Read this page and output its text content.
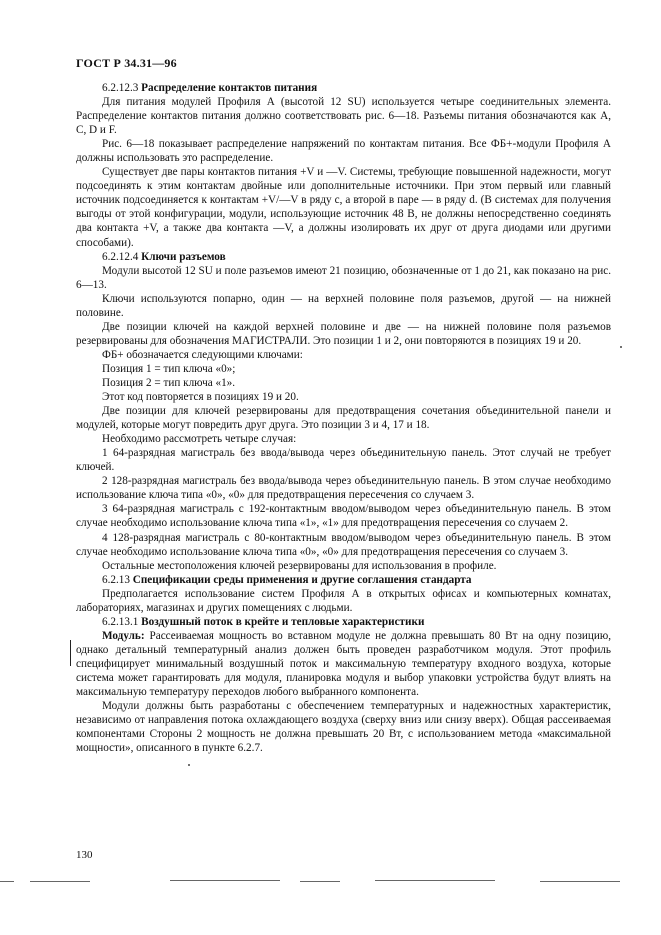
ГОСТ Р 34.31—96

6.2.12.3 Распределение контактов питания

Для питания модулей Профиля А (высотой 12 SU) используется четыре соединительных элемента. Распределение контактов питания должно соответствовать рис. 6—18. Разъемы питания обозначаются как А, С, D и F.

Рис. 6—18 показывает распределение напряжений по контактам питания. Все ФБ+-модули Профиля А должны использовать это распределение.

Существует две пары контактов питания +V и —V. Системы, требующие повышенной надежности, могут подсоединять к этим контактам двойные или дополнительные источники. При этом первый или главный источник подсоединяется к контактам +V/—V в ряду c, а второй в паре — в ряду d. (В системах для получения выгоды от этой конфигурации, модули, использующие источник 48 В, не должны непосредственно соединять два контакта +V, а также два контакта —V, а должны изолировать их друг от друга диодами или другими способами).

6.2.12.4 Ключи разъемов

Модули высотой 12 SU и поле разъемов имеют 21 позицию, обозначенные от 1 до 21, как показано на рис. 6—13.

Ключи используются попарно, один — на верхней половине поля разъемов, другой — на нижней половине.

Две позиции ключей на каждой верхней половине и две — на нижней половине поля разъемов резервированы для обозначения МАГИСТРАЛИ. Это позиции 1 и 2, они повторяются в позициях 19 и 20.

ФБ+ обозначается следующими ключами:

Позиция 1 = тип ключа «0»;

Позиция 2 = тип ключа «1».

Этот код повторяется в позициях 19 и 20.

Две позиции для ключей резервированы для предотвращения сочетания объединительной панели и модулей, которые могут повредить друг друга. Это позиции 3 и 4, 17 и 18.

Необходимо рассмотреть четыре случая:

1 64-разрядная магистраль без ввода/вывода через объединительную панель. Этот случай не требует ключей.

2 128-разрядная магистраль без ввода/вывода через объединительную панель. В этом случае необходимо использование ключа типа «0», «0» для предотвращения пересечения со случаем 3.

3 64-разрядная магистраль с 192-контактным вводом/выводом через объединительную панель. В этом случае необходимо использование ключа типа «1», «1» для предотвращения пересечения со случаем 2.

4 128-разрядная магистраль с 80-контактным вводом/выводом через объединительную панель. В этом случае необходимо использование ключа типа «0», «0» для предотвращения пересечения со случаем 3.

Остальные местоположения ключей резервированы для использования в профиле.

6.2.13 Спецификации среды применения и другие соглашения стандарта

Предполагается использование систем Профиля А в открытых офисах и компьютерных комнатах, лабораториях, магазинах и других помещениях с людьми.

6.2.13.1 Воздушный поток в крейте и тепловые характеристики

Модуль: Рассеиваемая мощность во вставном модуле не должна превышать 80 Вт на одну позицию, однако детальный температурный анализ должен быть проведен разработчиком модуля. Этот профиль специфицирует минимальный воздушный поток и максимальную температуру входного воздуха, которые система может гарантировать для модуля, планировка модуля и выбор упаковки устройства будут влиять на максимальную температуру переходов любого выбранного компонента.

Модули должны быть разработаны с обеспечением температурных и надежностных характеристик, независимо от направления потока охлаждающего воздуха (сверху вниз или снизу вверх). Общая рассеиваемая компонентами Стороны 2 мощность не должна превышать 20 Вт, с использованием метода «максимальной мощности», описанного в пункте 6.2.7.

130
